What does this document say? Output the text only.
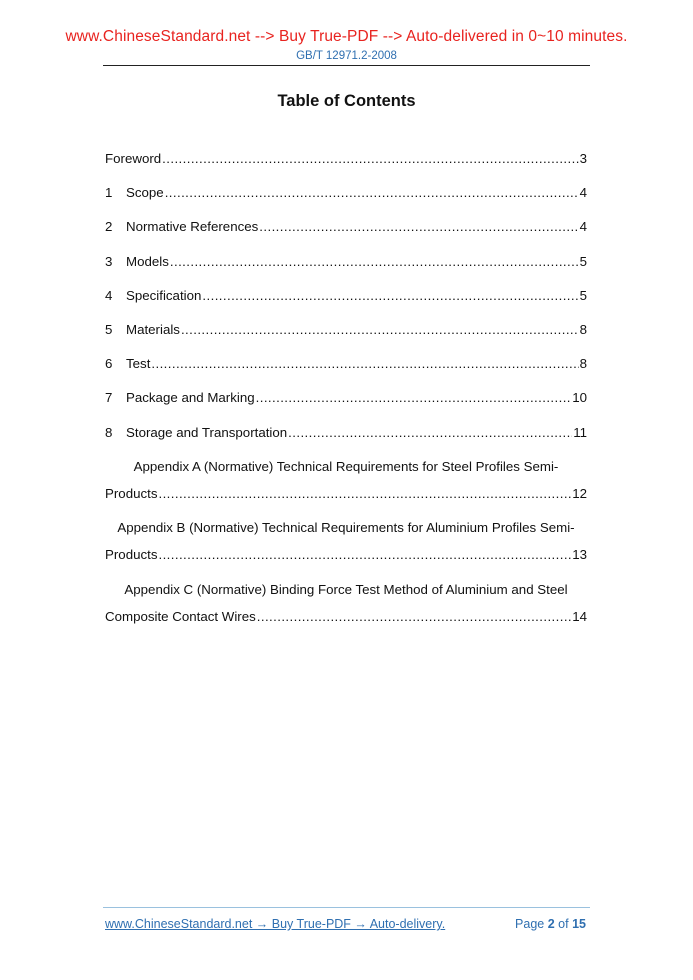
www.ChineseStandard.net --> Buy True-PDF --> Auto-delivered in 0~10 minutes.
GB/T 12971.2-2008
Table of Contents
Foreword .....	3
1	Scope .....	4
2	Normative References .....	4
3	Models .....	5
4	Specification .....	5
5	Materials .....	8
6	Test .....	8
7	Package and Marking .....	10
8	Storage and Transportation .....	11
Appendix A (Normative) Technical Requirements for Steel Profiles Semi-
Products .....	12
Appendix B (Normative) Technical Requirements for Aluminium Profiles Semi-
Products .....	13
Appendix C (Normative) Binding Force Test Method of Aluminium and Steel
Composite Contact Wires .....	14
www.ChineseStandard.net → Buy True-PDF → Auto-delivery.	Page 2 of 15
